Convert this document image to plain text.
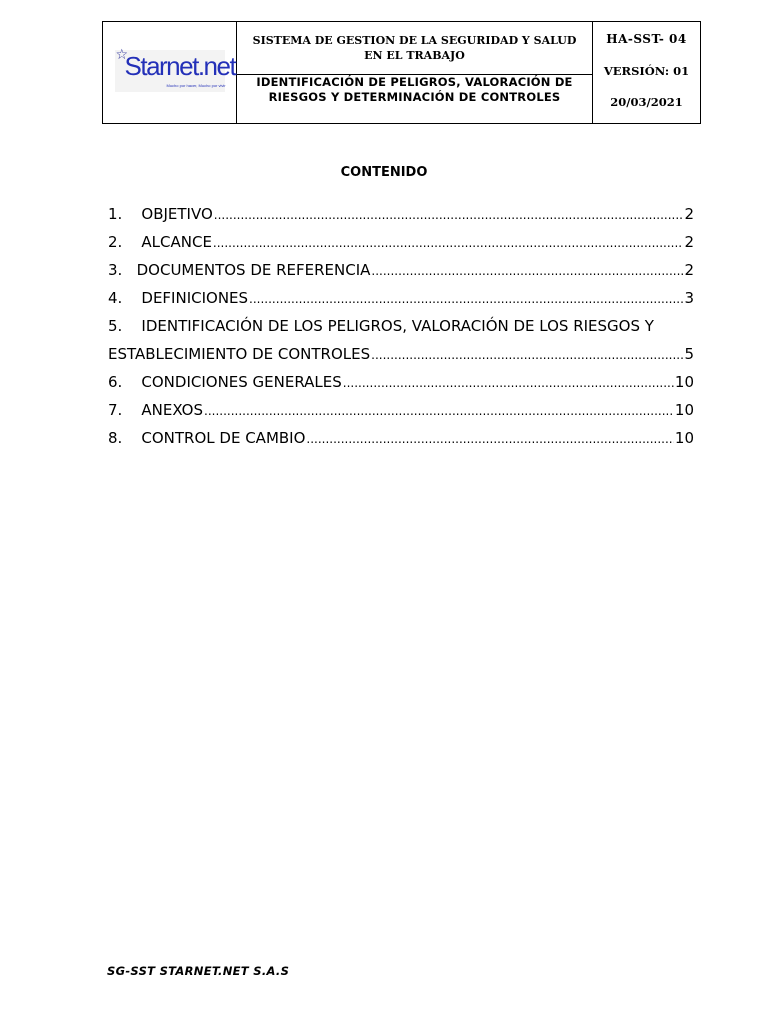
☆
Starnet.net
Mucho por hacer, Mucho por vivir

SISTEMA DE GESTION DE LA SEGURIDAD Y SALUD EN EL TRABAJO
IDENTIFICACIÓN DE PELIGROS, VALORACIÓN DE RIESGOS Y DETERMINACIÓN DE CONTROLES

HA-SST- 04
VERSIÓN: 01
20/03/2021
CONTENIDO
1. OBJETIVO .....	2
2. ALCANCE .....	2
3. DOCUMENTOS DE REFERENCIA .....	2
4. DEFINICIONES .....	3
5.    IDENTIFICACIÓN DE LOS PELIGROS, VALORACIÓN DE LOS RIESGOS Y
ESTABLECIMIENTO DE CONTROLES .....	5
6. CONDICIONES GENERALES .....	10
7. ANEXOS .....	10
8. CONTROL DE CAMBIO .....	10
SG-SST STARNET.NET S.A.S
